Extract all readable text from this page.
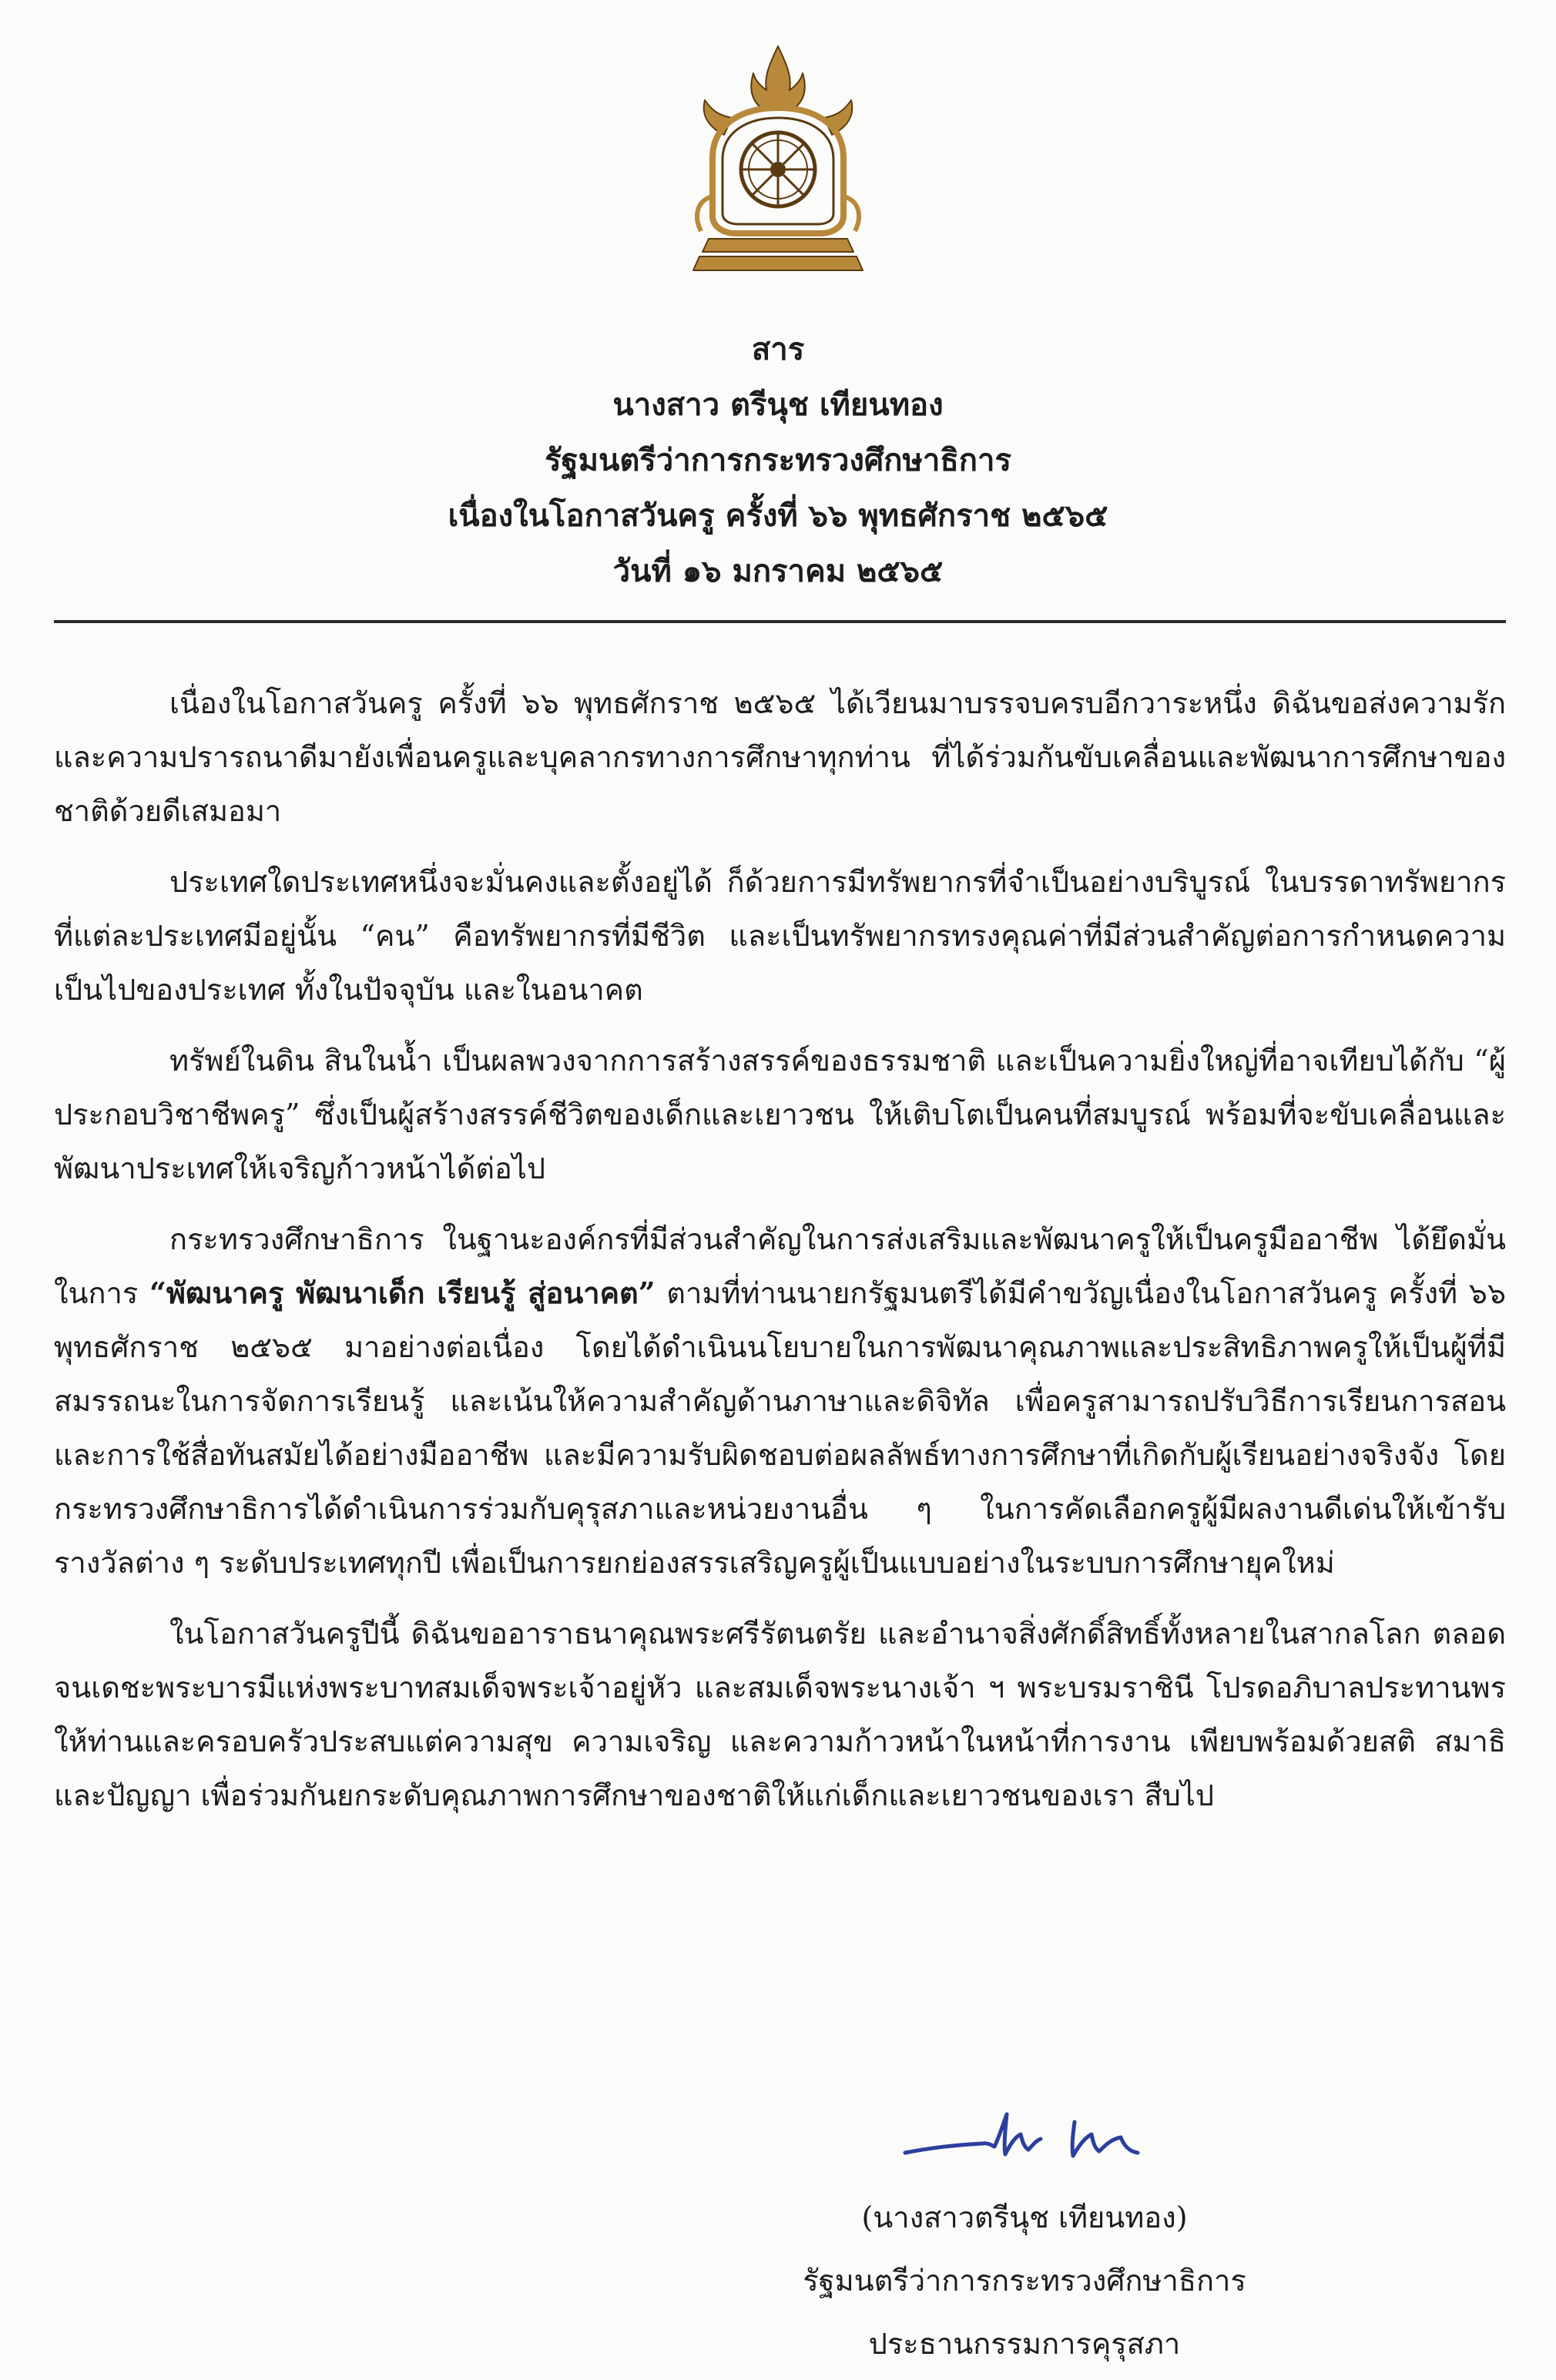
สาร
นางสาว ตรีนุช เทียนทอง
รัฐมนตรีว่าการกระทรวงศึกษาธิการ
เนื่องในโอกาสวันครู ครั้งที่ ๖๖ พุทธศักราช ๒๕๖๕
วันที่ ๑๖ มกราคม ๒๕๖๕

เนื่องในโอกาสวันครู ครั้งที่ ๖๖ พุทธศักราช ๒๕๖๕ ได้เวียนมาบรรจบครบอีกวาระหนึ่ง ดิฉันขอส่งความรักและความปรารถนาดีมายังเพื่อนครูและบุคลากรทางการศึกษาทุกท่าน ที่ได้ร่วมกันขับเคลื่อนและพัฒนาการศึกษาของชาติด้วยดีเสมอมา

ประเทศใดประเทศหนึ่งจะมั่นคงและตั้งอยู่ได้ ก็ด้วยการมีทรัพยากรที่จำเป็นอย่างบริบูรณ์ ในบรรดาทรัพยากรที่แต่ละประเทศมีอยู่นั้น “คน” คือทรัพยากรที่มีชีวิต และเป็นทรัพยากรทรงคุณค่าที่มีส่วนสำคัญต่อการกำหนดความเป็นไปของประเทศ ทั้งในปัจจุบัน และในอนาคต

ทรัพย์ในดิน สินในน้ำ เป็นผลพวงจากการสร้างสรรค์ของธรรมชาติ และเป็นความยิ่งใหญ่ที่อาจเทียบได้กับ “ผู้ประกอบวิชาชีพครู” ซึ่งเป็นผู้สร้างสรรค์ชีวิตของเด็กและเยาวชน ให้เติบโตเป็นคนที่สมบูรณ์ พร้อมที่จะขับเคลื่อนและพัฒนาประเทศให้เจริญก้าวหน้าได้ต่อไป

กระทรวงศึกษาธิการ ในฐานะองค์กรที่มีส่วนสำคัญในการส่งเสริมและพัฒนาครูให้เป็นครูมืออาชีพ ได้ยึดมั่นในการ “พัฒนาครู พัฒนาเด็ก เรียนรู้ สู่อนาคต” ตามที่ท่านนายกรัฐมนตรีได้มีคำขวัญเนื่องในโอกาสวันครู ครั้งที่ ๖๖ พุทธศักราช ๒๕๖๕ มาอย่างต่อเนื่อง โดยได้ดำเนินนโยบายในการพัฒนาคุณภาพและประสิทธิภาพครูให้เป็นผู้ที่มีสมรรถนะในการจัดการเรียนรู้ และเน้นให้ความสำคัญด้านภาษาและดิจิทัล เพื่อครูสามารถปรับวิธีการเรียนการสอนและการใช้สื่อทันสมัยได้อย่างมืออาชีพ และมีความรับผิดชอบต่อผลลัพธ์ทางการศึกษาที่เกิดกับผู้เรียนอย่างจริงจัง โดยกระทรวงศึกษาธิการได้ดำเนินการร่วมกับคุรุสภาและหน่วยงานอื่น ๆ ในการคัดเลือกครูผู้มีผลงานดีเด่นให้เข้ารับรางวัลต่าง ๆ ระดับประเทศทุกปี เพื่อเป็นการยกย่องสรรเสริญครูผู้เป็นแบบอย่างในระบบการศึกษายุคใหม่

ในโอกาสวันครูปีนี้ ดิฉันขออาราธนาคุณพระศรีรัตนตรัย และอำนาจสิ่งศักดิ์สิทธิ์ทั้งหลายในสากลโลก ตลอดจนเดชะพระบารมีแห่งพระบาทสมเด็จพระเจ้าอยู่หัว และสมเด็จพระนางเจ้า ฯ พระบรมราชินี โปรดอภิบาลประทานพรให้ท่านและครอบครัวประสบแต่ความสุข ความเจริญ และความก้าวหน้าในหน้าที่การงาน เพียบพร้อมด้วยสติ สมาธิ และปัญญา เพื่อร่วมกันยกระดับคุณภาพการศึกษาของชาติให้แก่เด็กและเยาวชนของเรา สืบไป

(นางสาวตรีนุช เทียนทอง)
รัฐมนตรีว่าการกระทรวงศึกษาธิการ
ประธานกรรมการคุรุสภา
